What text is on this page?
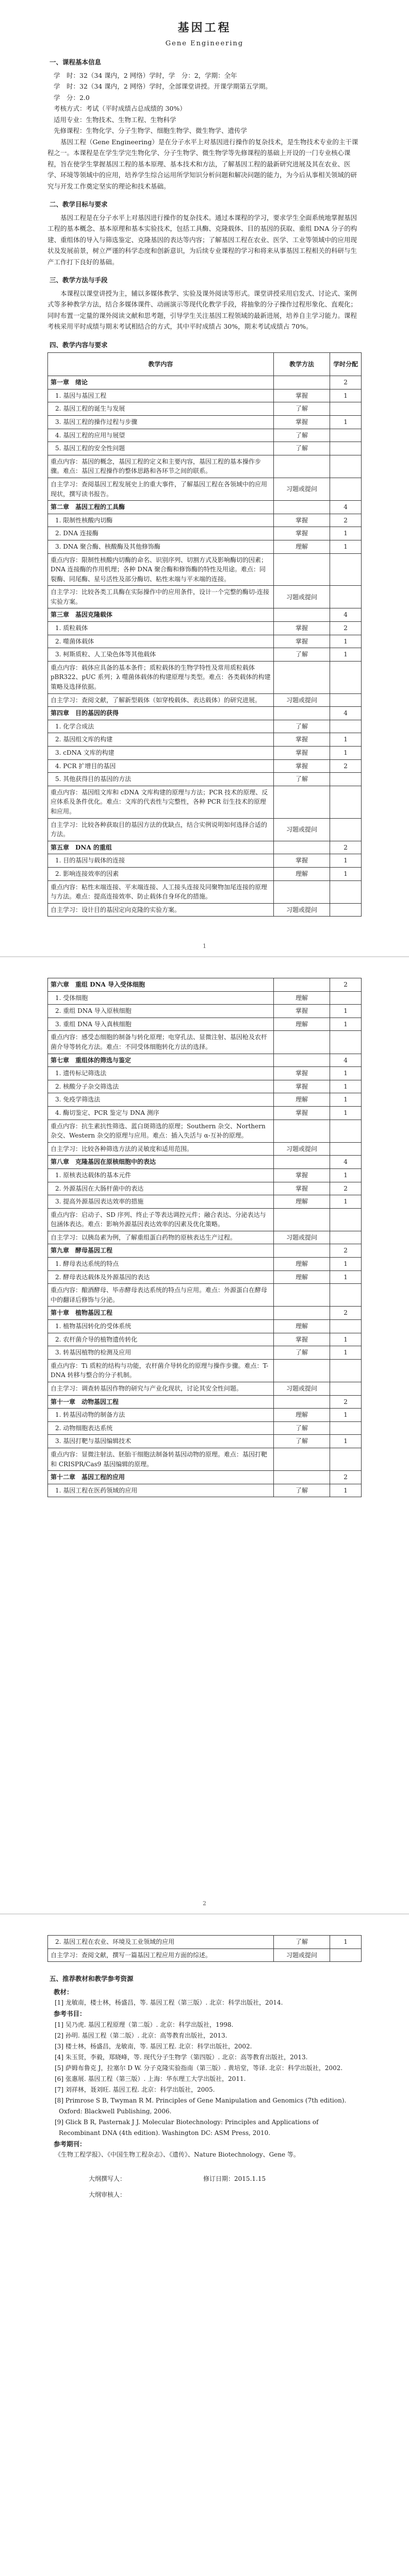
基因工程
Gene Engineering
一、课程基本信息

学　时：32（34 课内，2 网络）学时，学　分：2，学期：全年

学　时：32（34 课内，2 网络）学时，全部课堂讲授。开课学期第五学期。

学　分：2.0

考核方式：考试（平时成绩占总成绩的 30%）

适用专业：生物技术、生物工程、生物科学

先修课程：生物化学、分子生物学、细胞生物学、微生物学、遗传学

基因工程（Gene Engineering）是在分子水平上对基因进行操作的复杂技术，是生物技术专业的主干课程之一。本课程是在学生学完生物化学、分子生物学、微生物学等先修课程的基础上开设的一门专业核心课程，旨在使学生掌握基因工程的基本原理、基本技术和方法，了解基因工程的最新研究进展及其在农业、医学、环境等领域中的应用，培养学生综合运用所学知识分析问题和解决问题的能力，为今后从事相关领域的研究与开发工作奠定坚实的理论和技术基础。

二、教学目标与要求

基因工程是在分子水平上对基因进行操作的复杂技术。通过本课程的学习，要求学生全面系统地掌握基因工程的基本概念、基本原理和基本实验技术，包括工具酶、克隆载体、目的基因的获取、重组 DNA 分子的构建、重组体的导入与筛选鉴定、克隆基因的表达等内容；了解基因工程在农业、医学、工业等领域中的应用现状及发展前景，树立严谨的科学态度和创新意识，为后续专业课程的学习和将来从事基因工程相关的科研与生产工作打下良好的基础。

三、教学方法与手段

本课程以课堂讲授为主，辅以多媒体教学、实验及课外阅读等形式。课堂讲授采用启发式、讨论式、案例式等多种教学方法，结合多媒体课件、动画演示等现代化教学手段，将抽象的分子操作过程形象化、直观化；同时布置一定量的课外阅读文献和思考题，引导学生关注基因工程领域的最新进展，培养自主学习能力。课程考核采用平时成绩与期末考试相结合的方式，其中平时成绩占 30%，期末考试成绩占 70%。

四、教学内容与要求
教学内容	教学方法	学时分配
第一章　绪论		2
1. 基因与基因工程	掌握	1
2. 基因工程的诞生与发展	了解	
3. 基因工程的操作过程与步骤	掌握	1
4. 基因工程的应用与展望	了解	
5. 基因工程的安全性问题	了解	
重点内容：基因的概念，基因工程的定义和主要内容，基因工程的基本操作步骤。难点：基因工程操作的整体思路和各环节之间的联系。		
自主学习：查阅基因工程发展史上的重大事件，了解基因工程在各领域中的应用现状，撰写读书报告。	习题或提问	
第二章　基因工程的工具酶		4
1. 限制性核酸内切酶	掌握	2
2. DNA 连接酶	掌握	1
3. DNA 聚合酶、核酸酶及其他修饰酶	理解	1
重点内容：限制性核酸内切酶的命名、识别序列、切割方式及影响酶切的因素；DNA 连接酶的作用机理；各种 DNA 聚合酶和修饰酶的特性及用途。难点：同裂酶、同尾酶、星号活性及部分酶切、粘性末端与平末端的连接。		
自主学习：比较各类工具酶在实际操作中的应用条件，设计一个完整的酶切-连接实验方案。	习题或提问	
第三章　基因克隆载体		4
1. 质粒载体	掌握	2
2. 噬菌体载体	掌握	1
3. 柯斯质粒、人工染色体等其他载体	了解	1
重点内容：载体应具备的基本条件；质粒载体的生物学特性及常用质粒载体 pBR322、pUC 系列；λ 噬菌体载体的构建原理与类型。难点：各类载体的构建策略及选择依据。		
自主学习：查阅文献，了解新型载体（如穿梭载体、表达载体）的研究进展。	习题或提问	
第四章　目的基因的获得		4
1. 化学合成法	了解	
2. 基因组文库的构建	掌握	1
3. cDNA 文库的构建	掌握	1
4. PCR 扩增目的基因	掌握	2
5. 其他获得目的基因的方法	了解	
重点内容：基因组文库和 cDNA 文库构建的原理与方法；PCR 技术的原理、反应体系及条件优化。难点：文库的代表性与完整性，各种 PCR 衍生技术的原理和应用。		
自主学习：比较各种获取目的基因方法的优缺点，结合实例说明如何选择合适的方法。	习题或提问	
第五章　DNA 的重组		2
1. 目的基因与载体的连接	掌握	1
2. 影响连接效率的因素	理解	1
重点内容：粘性末端连接、平末端连接、人工接头连接及同聚物加尾连接的原理与方法。难点：提高连接效率、防止载体自身环化的措施。		
自主学习：设计目的基因定向克隆的实验方案。	习题或提问	
1
第六章　重组 DNA 导入受体细胞		2
1. 受体细胞	理解	
2. 重组 DNA 导入原核细胞	掌握	1
3. 重组 DNA 导入真核细胞	理解	1
重点内容：感受态细胞的制备与转化原理；电穿孔法、显微注射、基因枪及农杆菌介导等转化方法。难点：不同受体细胞转化方法的选择。		
第七章　重组体的筛选与鉴定		4
1. 遗传标记筛选法	掌握	1
2. 核酸分子杂交筛选法	掌握	1
3. 免疫学筛选法	理解	1
4. 酶切鉴定、PCR 鉴定与 DNA 测序	掌握	1
重点内容：抗生素抗性筛选、蓝白斑筛选的原理；Southern 杂交、Northern 杂交、Western 杂交的原理与应用。难点：插入失活与 α-互补的原理。		
自主学习：比较各种筛选方法的灵敏度和适用范围。	习题或提问	
第八章　克隆基因在原核细胞中的表达		4
1. 原核表达载体的基本元件	掌握	1
2. 外源基因在大肠杆菌中的表达	掌握	2
3. 提高外源基因表达效率的措施	理解	1
重点内容：启动子、SD 序列、终止子等表达调控元件；融合表达、分泌表达与包涵体表达。难点：影响外源基因表达效率的因素及优化策略。		
自主学习：以胰岛素为例，了解重组蛋白药物的原核表达生产过程。	习题或提问	
第九章　酵母基因工程		2
1. 酵母表达系统的特点	理解	1
2. 酵母表达载体及外源基因的表达	理解	1
重点内容：酿酒酵母、毕赤酵母表达系统的特点与应用。难点：外源蛋白在酵母中的翻译后修饰与分泌。		
第十章　植物基因工程		2
1. 植物基因转化的受体系统	理解	
2. 农杆菌介导的植物遗传转化	掌握	1
3. 转基因植物的检测及应用	了解	1
重点内容：Ti 质粒的结构与功能，农杆菌介导转化的原理与操作步骤。难点：T-DNA 转移与整合的分子机制。		
自主学习：调查转基因作物的研究与产业化现状，讨论其安全性问题。	习题或提问	
第十一章　动物基因工程		2
1. 转基因动物的制备方法	理解	1
2. 动物细胞表达系统	了解	
3. 基因打靶与基因编辑技术	了解	1
重点内容：显微注射法、胚胎干细胞法制备转基因动物的原理。难点：基因打靶和 CRISPR/Cas9 基因编辑的原理。		
第十二章　基因工程的应用		2
1. 基因工程在医药领域的应用	了解	1
2
2. 基因工程在农业、环境及工业领域的应用	了解	1
自主学习：查阅文献，撰写一篇基因工程应用方面的综述。	习题或提问	
五、推荐教材和教学参考资源

教材：

[1] 龙敏南，楼士林，杨盛昌，等. 基因工程（第三版）. 北京：科学出版社，2014.

参考书目：

[1] 吴乃虎. 基因工程原理（第二版）. 北京：科学出版社，1998.

[2] 孙明. 基因工程（第二版）. 北京：高等教育出版社，2013.

[3] 楼士林，杨盛昌，龙敏南，等. 基因工程. 北京：科学出版社，2002.

[4] 朱玉贤，李毅，郑晓峰，等. 现代分子生物学（第四版）. 北京：高等教育出版社，2013.

[5] 萨姆布鲁克 J，拉塞尔 D W. 分子克隆实验指南（第三版）. 黄培堂，等译. 北京：科学出版社，2002.

[6] 张惠展. 基因工程（第三版）. 上海：华东理工大学出版社，2011.

[7] 刘祥林，聂刘旺. 基因工程. 北京：科学出版社，2005.

[8] Primrose S B, Twyman R M. Principles of Gene Manipulation and Genomics (7th edition). Oxford: Blackwell Publishing, 2006.

[9] Glick B R, Pasternak J J. Molecular Biotechnology: Principles and Applications of Recombinant DNA (4th edition). Washington DC: ASM Press, 2010.

参考期刊：

《生物工程学报》、《中国生物工程杂志》、《遗传》、Nature Biotechnology、Gene 等。

大纲撰写人：	修订日期：2015.1.15
大纲审核人：
